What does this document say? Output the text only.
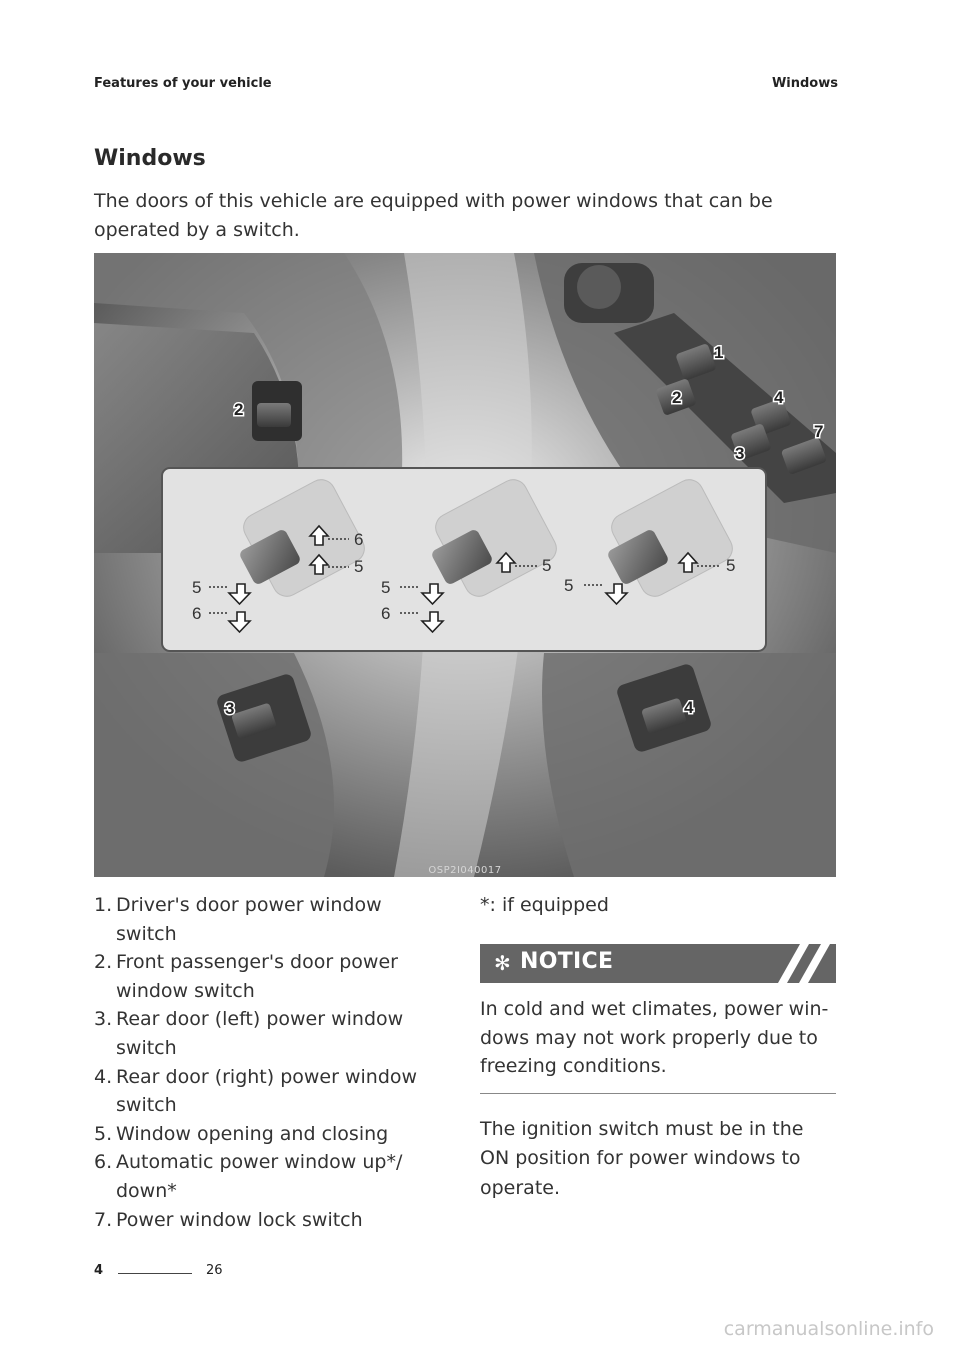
Features of your vehicle	Windows
Windows

The doors of this vehicle are equipped with power windows that can be operated by a switch.

2
1
2	4
7
3
3	4
6
5
5
6
5
5
6
5
5
OSP2I040017
1. Driver's door power window switch
2. Front passenger's door power window switch
3. Rear door (left) power window switch
4. Rear door (right) power window switch
5. Window opening and closing
6. Automatic power window up*/ down*
7. Power window lock switch

*: if equipped

✻ NOTICE

In cold and wet climates, power win- dows may not work properly due to freezing conditions.

The ignition switch must be in the ON position for power windows to operate.

4	26
carmanualsonline.info
